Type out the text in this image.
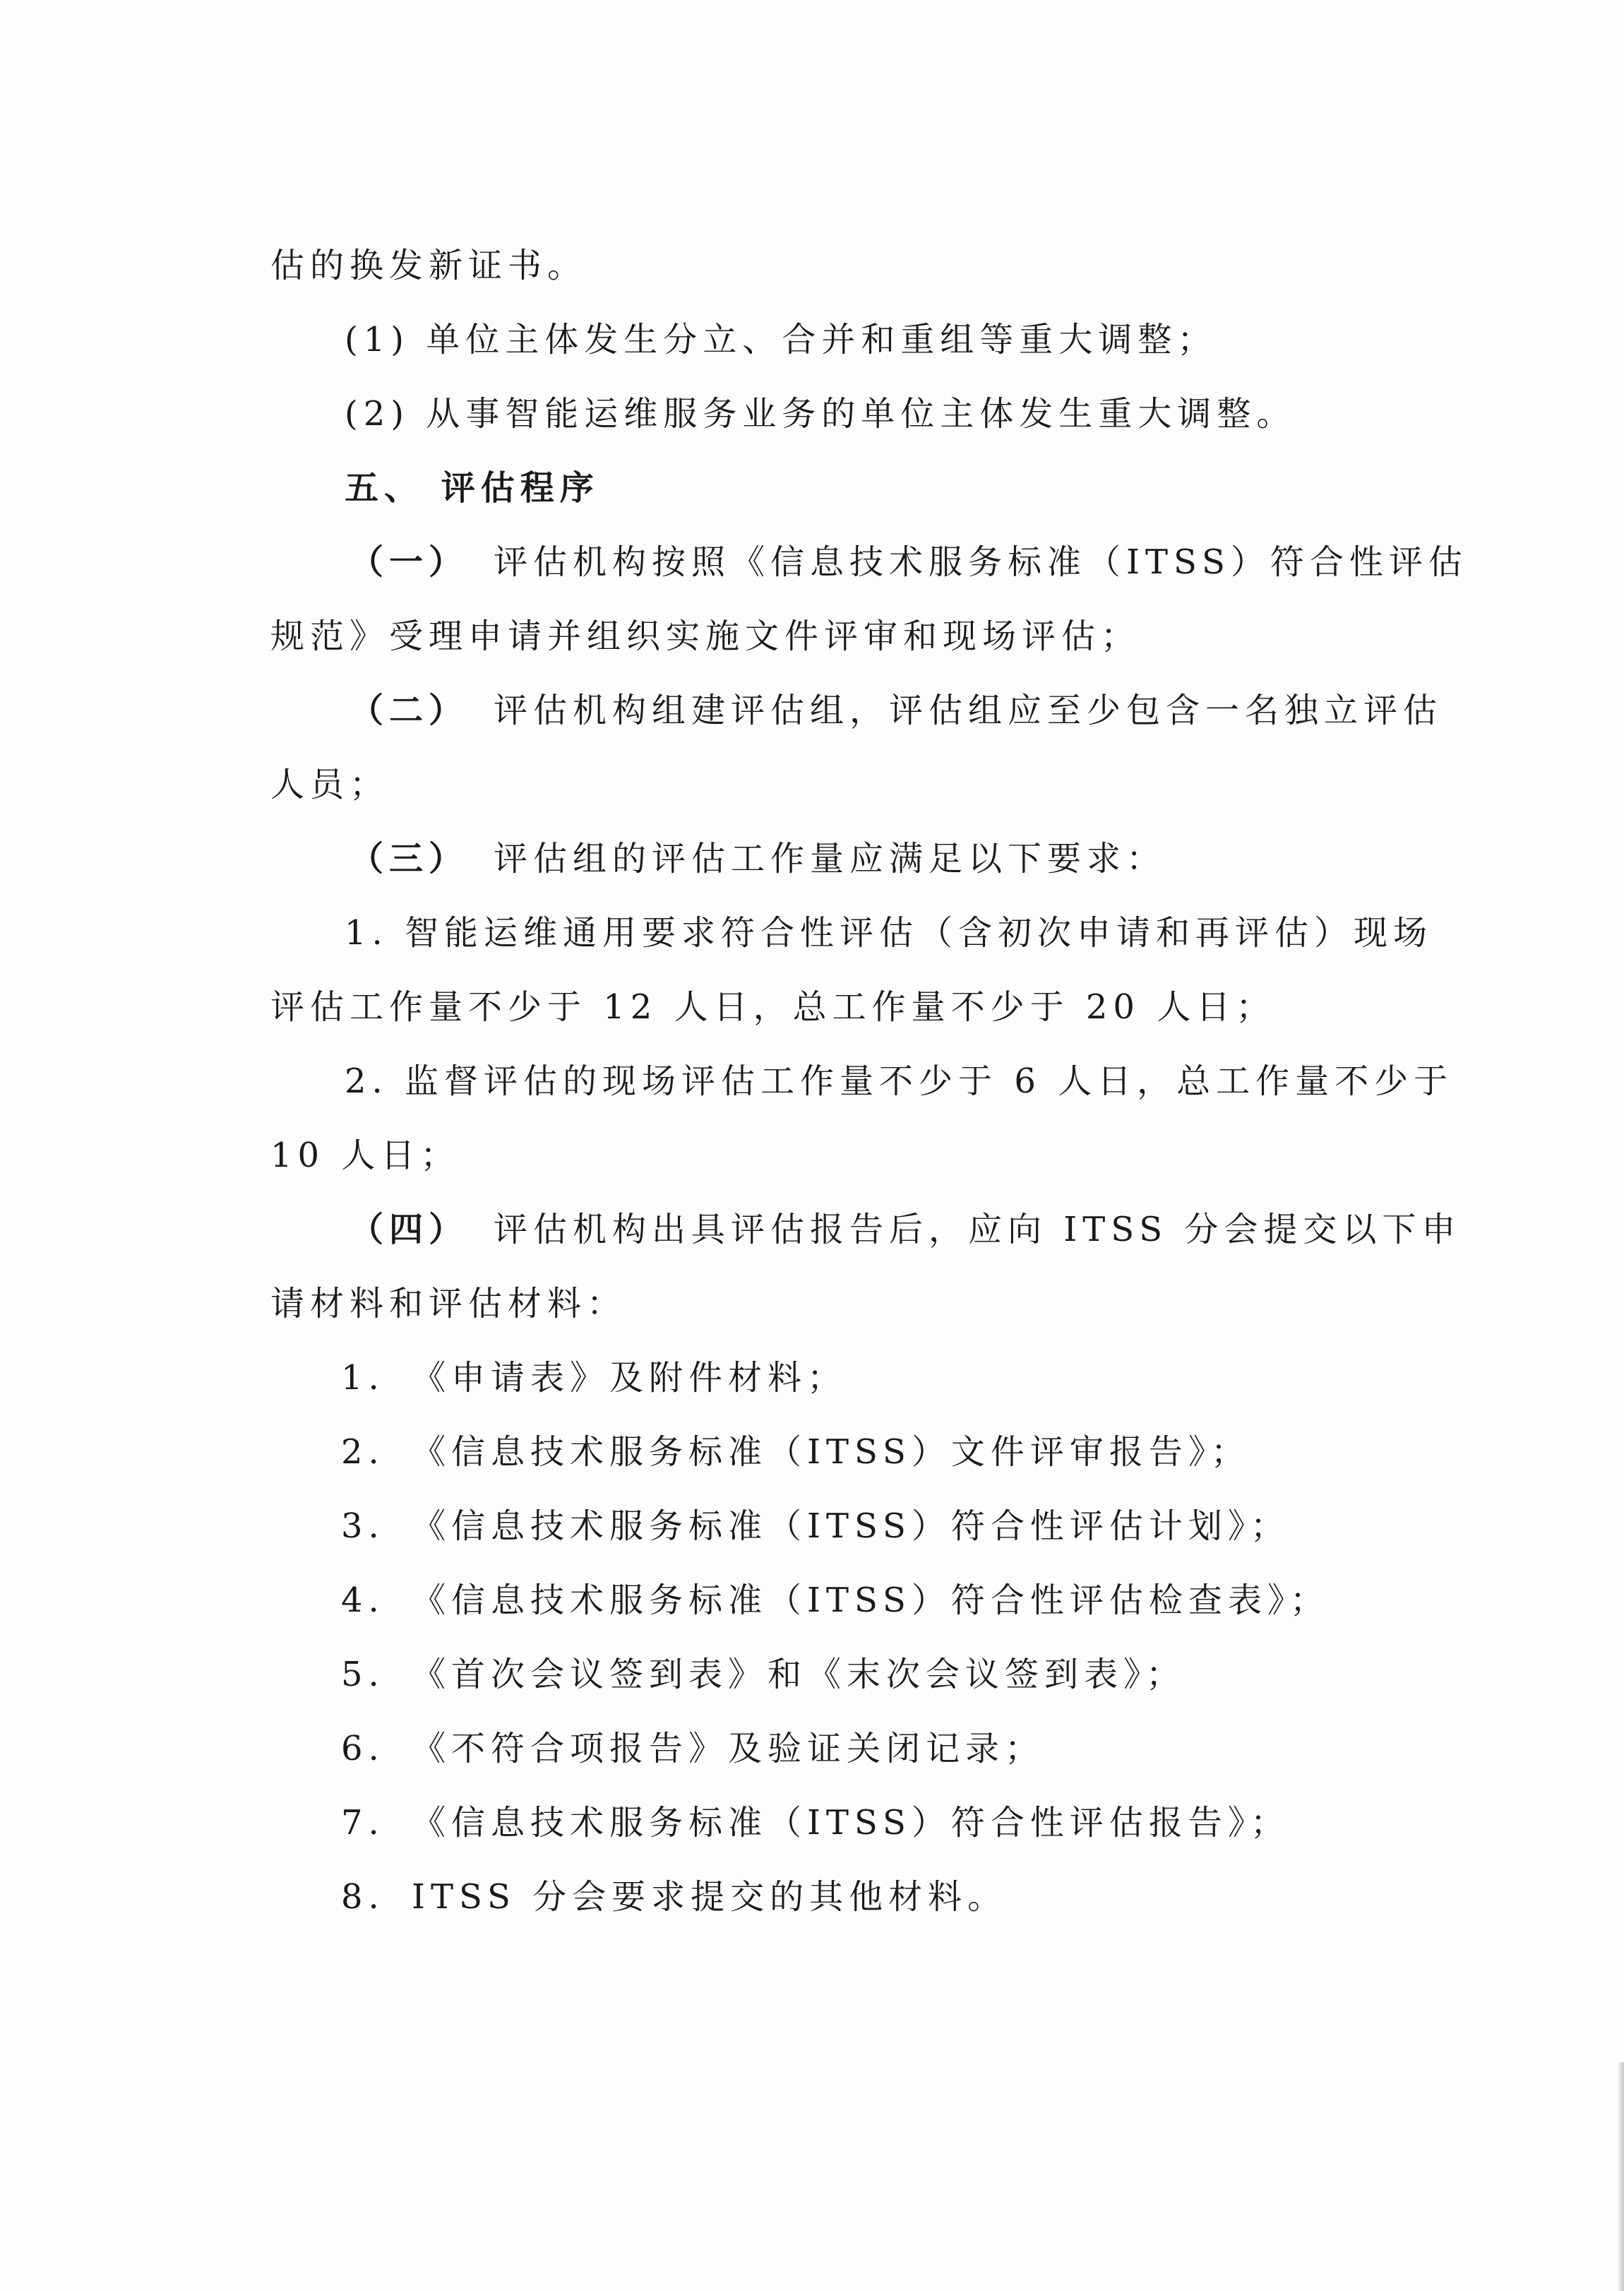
估的换发新证书。
(1) 单位主体发生分立、合并和重组等重大调整；
(2) 从事智能运维服务业务的单位主体发生重大调整。
五、 评估程序
（一） 评估机构按照《信息技术服务标准（ITSS）符合性评估
规范》受理申请并组织实施文件评审和现场评估；
（二） 评估机构组建评估组，评估组应至少包含一名独立评估
人员；
（三） 评估组的评估工作量应满足以下要求：
1. 智能运维通用要求符合性评估（含初次申请和再评估）现场
评估工作量不少于 12 人日，总工作量不少于 20 人日；
2. 监督评估的现场评估工作量不少于 6 人日，总工作量不少于
10 人日；
（四） 评估机构出具评估报告后，应向 ITSS 分会提交以下申
请材料和评估材料：
1. 《申请表》及附件材料；
2. 《信息技术服务标准（ITSS）文件评审报告》；
3. 《信息技术服务标准（ITSS）符合性评估计划》；
4. 《信息技术服务标准（ITSS）符合性评估检查表》；
5. 《首次会议签到表》和《末次会议签到表》；
6. 《不符合项报告》及验证关闭记录；
7. 《信息技术服务标准（ITSS）符合性评估报告》；
8. ITSS 分会要求提交的其他材料。
